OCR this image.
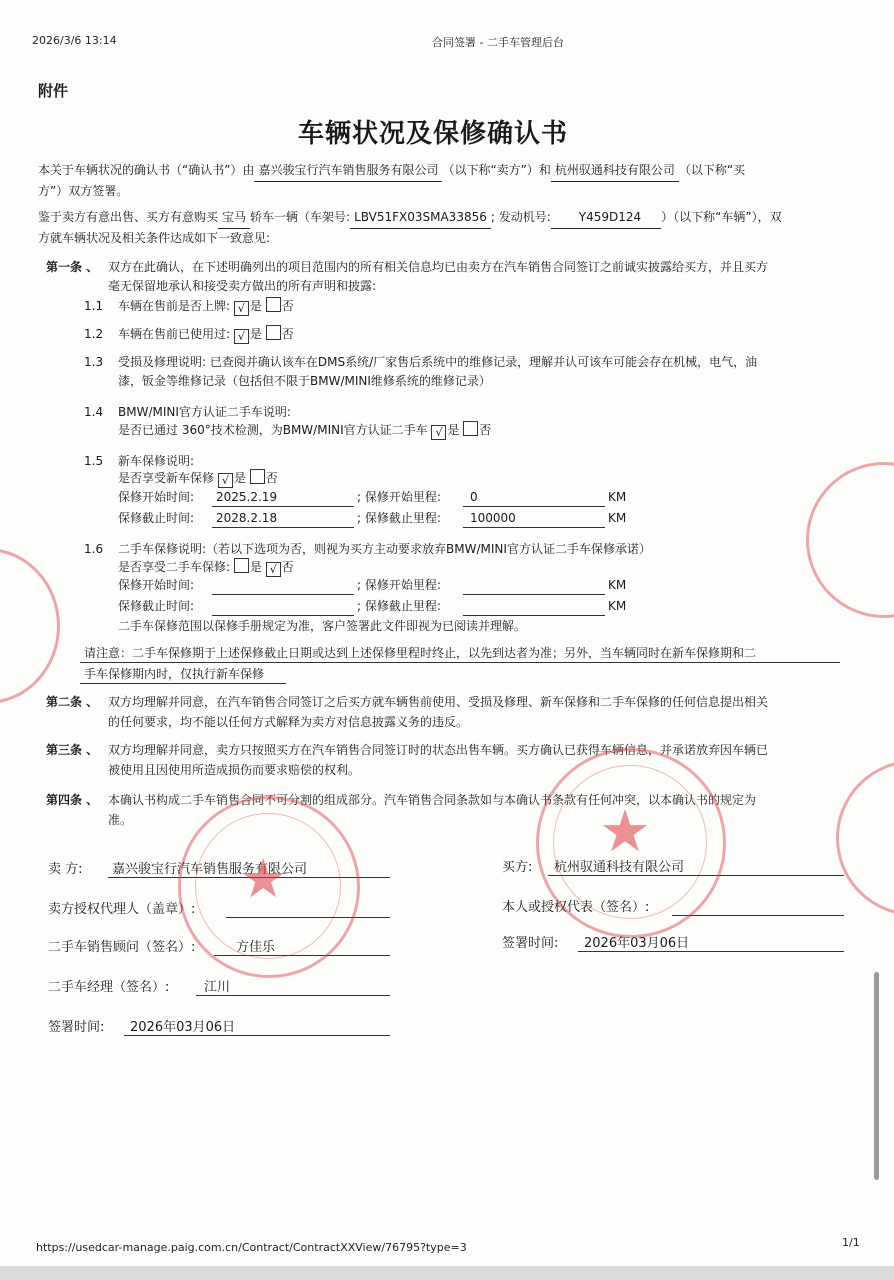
2026/3/6 13:14	合同签署 - 二手车管理后台
附件
车辆状况及保修确认书
本关于车辆状况的确认书（“确认书”）由 嘉兴骏宝行汽车销售服务有限公司 （以下称“卖方”）和 杭州驭通科技有限公司 （以下称“买
方”）双方签署。
鉴于卖方有意出售、买方有意购买 宝马 轿车一辆（车架号: LBV51FX03SMA33856 ; 发动机号: Y459D124 ）（以下称“车辆”），双
方就车辆状况及相关条件达成如下一致意见:
第一条 、 双方在此确认，在下述明确列出的项目范围内的所有相关信息均已由卖方在汽车销售合同签订之前诚实披露给买方，并且买方
毫无保留地承认和接受卖方做出的所有声明和披露:
1.1 车辆在售前是否上牌: √ 是 否
1.2 车辆在售前已使用过: √ 是 否
1.3 受损及修理说明: 已查阅并确认该车在DMS系统/厂家售后系统中的维修记录，理解并认可该车可能会存在机械，电气，油
漆，钣金等维修记录（包括但不限于BMW/MINI维修系统的维修记录）
1.4 BMW/MINI官方认证二手车说明:
是否已通过 360°技术检测，为BMW/MINI官方认证二手车 √ 是 否
1.5 新车保修说明:
是否享受新车保修 √ 是 否
保修开始时间: 2025.2.19	; 保修开始里程: 0	KM
保修截止时间: 2028.2.18	; 保修截止里程: 100000	KM
1.6 二手车保修说明:（若以下选项为否，则视为买方主动要求放弃BMW/MINI官方认证二手车保修承诺）
是否享受二手车保修: 是 √ 否
保修开始时间:	; 保修开始里程:	KM
保修截止时间:	; 保修截止里程:	KM
二手车保修范围以保修手册规定为准，客户签署此文件即视为已阅读并理解。
请注意：二手车保修期于上述保修截止日期或达到上述保修里程时终止，以先到达者为准；另外，当车辆同时在新车保修期和二
手车保修期内时，仅执行新车保修
第二条 、 双方均理解并同意，在汽车销售合同签订之后买方就车辆售前使用、受损及修理、新车保修和二手车保修的任何信息提出相关
的任何要求，均不能以任何方式解释为卖方对信息披露义务的违反。
第三条 、 双方均理解并同意，卖方只按照买方在汽车销售合同签订时的状态出售车辆。买方确认已获得车辆信息，并承诺放弃因车辆已
被使用且因使用所造成损伤而要求赔偿的权利。
第四条 、 本确认书构成二手车销售合同不可分割的组成部分。汽车销售合同条款如与本确认书条款有任何冲突，以本确认书的规定为
准。
卖 方: 嘉兴骏宝行汽车销售服务有限公司
卖方授权代理人（盖章）:
二手车销售顾问（签名）:	方佳乐
二手车经理（签名）:	江川
签署时间: 2026年03月06日
买方: 杭州驭通科技有限公司
本人或授权代表（签名）:
签署时间: 2026年03月06日
★
★
https://usedcar-manage.paig.com.cn/Contract/ContractXXView/76795?type=3	1/1
